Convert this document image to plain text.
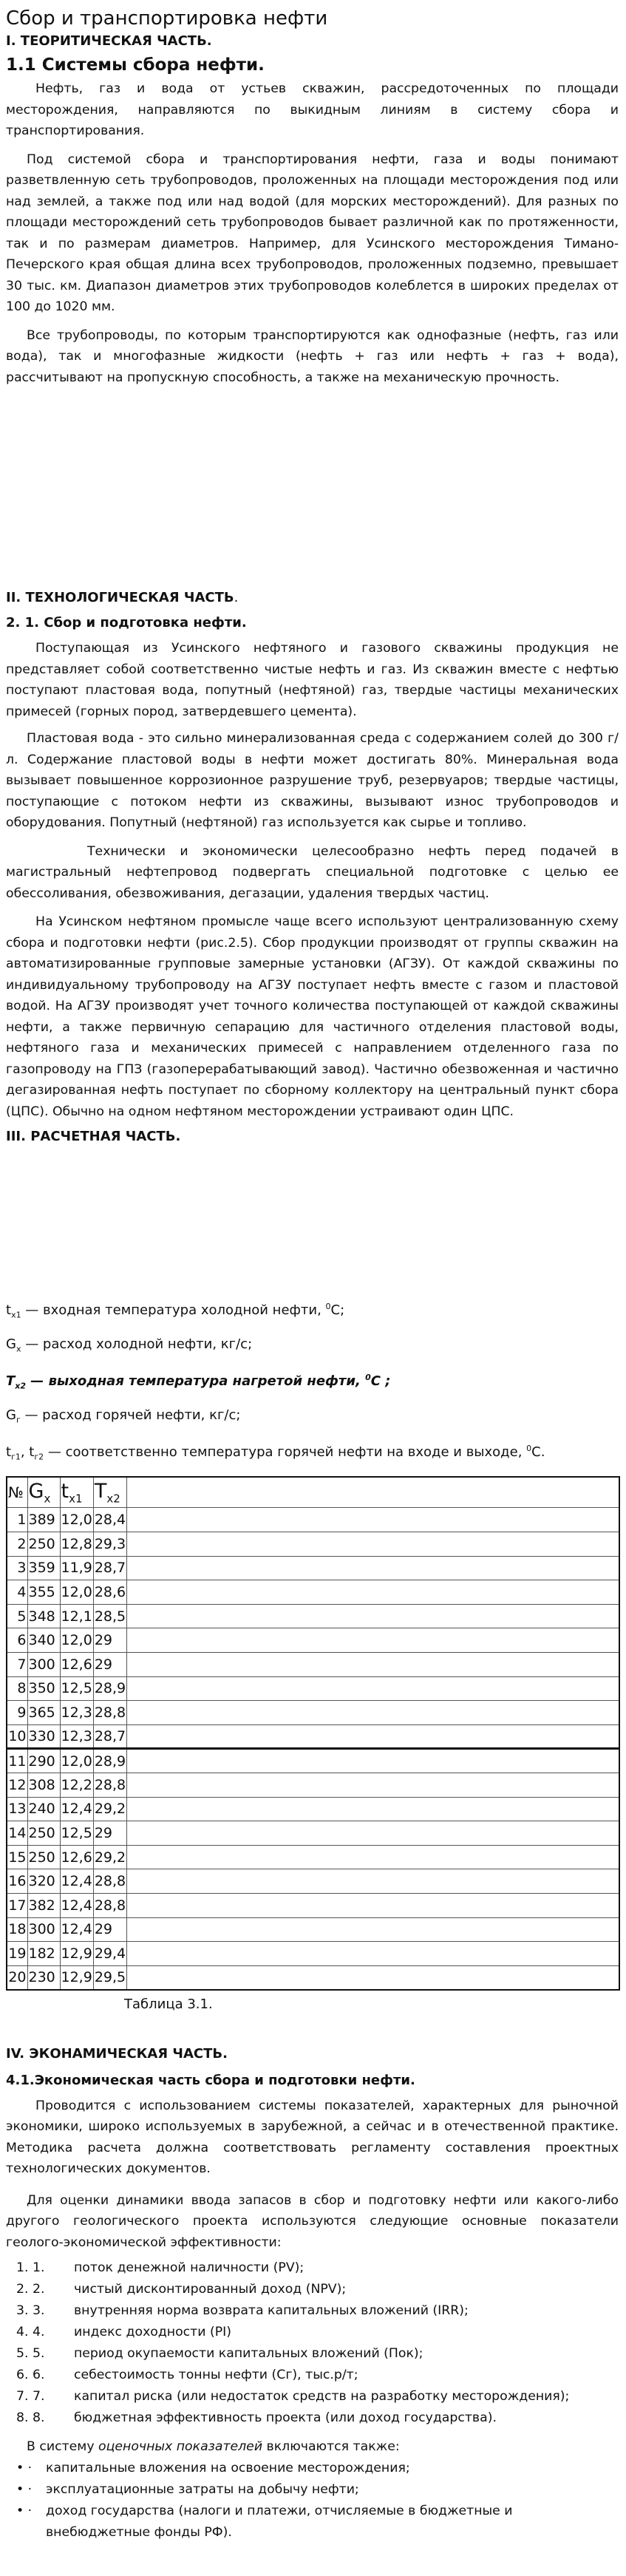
Сбор и транспортировка нефти
I. ТЕОРИТИЧЕСКАЯ ЧАСТЬ.
1.1 Системы сбора нефти.

Нефть, газ и вода от устьев скважин, рассредоточенных по площади месторождения, направляются по выкидным линиям в систему сбора и транспортирования.

Под системой сбора и транспортирования нефти, газа и воды понимают разветвленную сеть трубопроводов, проложенных на площади месторождения под или над землей, а также под или над водой (для морских месторождений). Для разных по площади месторождений сеть трубопроводов бывает различной как по протяженности, так и по размерам диаметров. Например, для Усинского месторождения Тимано-Печерского края общая длина всех трубопроводов, проложенных подземно, превышает 30 тыс. км. Диапазон диаметров этих трубопроводов колеблется в широких пределах от 100 до 1020 мм.

Все трубопроводы, по которым транспортируются как однофазные (нефть, газ или вода), так и многофазные жидкости (нефть + газ или нефть + газ + вода), рассчитывают на пропускную способность, а также на механическую прочность.

II. ТЕХНОЛОГИЧЕСКАЯ ЧАСТЬ.
2. 1. Сбор и подготовка нефти.

Поступающая из Усинского нефтяного и газового скважины продукция не представляет собой соответственно чистые нефть и газ. Из скважин вместе с нефтью поступают пластовая вода, попутный (нефтяной) газ, твердые частицы механических примесей (горных пород, затвердевшего цемента).

Пластовая вода - это сильно минерализованная среда с содержанием солей до 300 г/л. Содержание пластовой воды в нефти может достигать 80%. Минеральная вода вызывает повышенное коррозионное разрушение труб, резервуаров; твердые частицы, поступающие с потоком нефти из скважины, вызывают износ трубопроводов и оборудования. Попутный (нефтяной) газ используется как сырье и топливо.

Технически и экономически целесообразно нефть перед подачей в магистральный нефтепровод подвергать специальной подготовке с целью ее обессоливания, обезвоживания, дегазации, удаления твердых частиц.

На Усинском нефтяном промысле чаще всего используют централизованную схему сбора и подготовки нефти (рис.2.5). Сбор продукции производят от группы скважин на автоматизированные групповые замерные установки (АГЗУ). От каждой скважины по индивидуальному трубопроводу на АГЗУ поступает нефть вместе с газом и пластовой водой. На АГЗУ производят учет точного количества поступающей от каждой скважины нефти, а также первичную сепарацию для частичного отделения пластовой воды, нефтяного газа и механических примесей с направлением отделенного газа по газопроводу на ГПЗ (газоперерабатывающий завод). Частично обезвоженная и частично дегазированная нефть поступает по сборному коллектору на центральный пункт сбора (ЦПС). Обычно на одном нефтяном месторождении устраивают один ЦПС.

III. РАСЧЕТНАЯ ЧАСТЬ.
$t_{х1}$ — входная температура холодной нефти, $^0$С;
$G_х$ — расход холодной нефти, кг/с;
$T_{х2}$ — выходная температура нагретой нефти, $^0$С ;
$G_г$ — расход горячей нефти, кг/с;
$t_{г1}$, $t_{г2}$ — соответственно температура горячей нефти на входе и выходе, $^0$С.
№	$G_х$	$t_{х1}$	$T_{х2}$	
1	389	12,0	28,4	
2	250	12,8	29,3	
3	359	11,9	28,7	
4	355	12,0	28,6	
5	348	12,1	28,5	
6	340	12,0	29	
7	300	12,6	29	
8	350	12,5	28,9	
9	365	12,3	28,8	
10	330	12,3	28,7	
11	290	12,0	28,9	
12	308	12,2	28,8	
13	240	12,4	29,2	
14	250	12,5	29	
15	250	12,6	29,2	
16	320	12,4	28,8	
17	382	12,4	28,8	
18	300	12,4	29	
19	182	12,9	29,4	
20	230	12,9	29,5	
Таблица 3.1.
IV. ЭКОНАМИЧЕСКАЯ ЧАСТЬ.
4.1.Экономическая часть сбора и подготовки нефти.

Проводится с использованием системы показателей, характерных для рыночной экономики, широко используемых в зарубежной, а сейчас и в отечественной практике. Методика расчета должна соответствовать регламенту составления проектных технологических документов.

Для оценки динамики ввода запасов в сбор и подготовку нефти или какого-либо другого геологического проекта используются следующие основные показатели геолого-экономической эффективности:

1. 1. поток денежной наличности (PV);
2. 2. чистый дисконтированный доход (NPV);
3. 3. внутренняя норма возврата капитальных вложений (IRR);
4. 4. индекс доходности (PI)
5. 5. период окупаемости капитальных вложений (Пок);
6. 6. себестоимость тонны нефти (Сг), тыс.р/т;
7. 7. капитал риска (или недостаток средств на разработку месторождения);
8. 8. бюджетная эффективность проекта (или доход государства).

В систему оценочных показателей включаются также:

• · капитальные вложения на освоение месторождения;
• · эксплуатационные затраты на добычу нефти;
• · доход государства (налоги и платежи, отчисляемые в бюджетные и внебюджетные фонды РФ).
